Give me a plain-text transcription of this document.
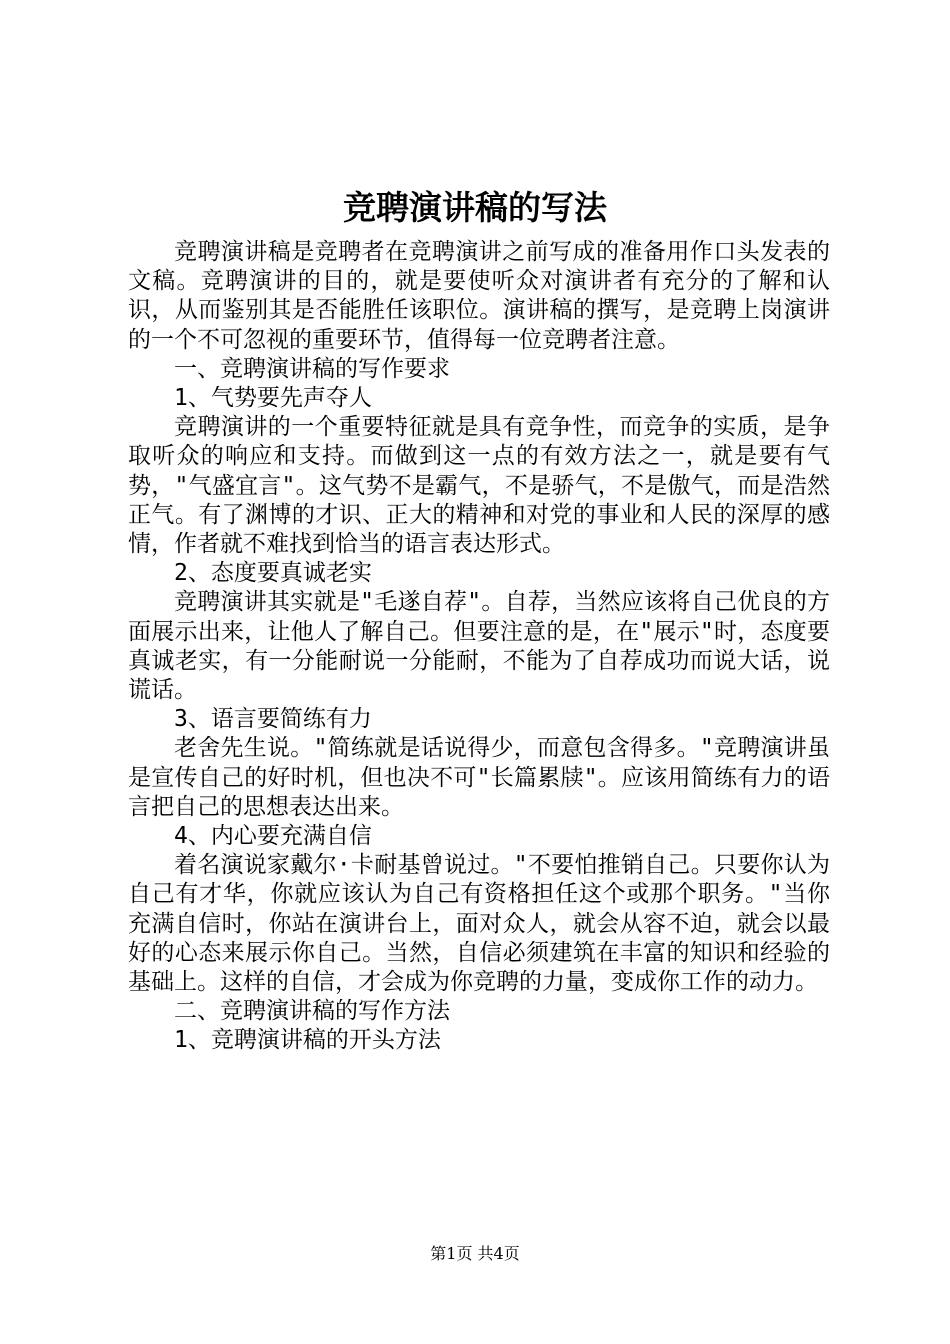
竞聘演讲稿的写法

竞聘演讲稿是竞聘者在竞聘演讲之前写成的准备用作口头发表的文稿。竞聘演讲的目的，就是要使听众对演讲者有充分的了解和认识，从而鉴别其是否能胜任该职位。演讲稿的撰写，是竞聘上岗演讲的一个不可忽视的重要环节，值得每一位竞聘者注意。

一、竞聘演讲稿的写作要求

1、气势要先声夺人

竞聘演讲的一个重要特征就是具有竞争性，而竞争的实质，是争取听众的响应和支持。而做到这一点的有效方法之一，就是要有气势，"气盛宜言"。这气势不是霸气，不是骄气，不是傲气，而是浩然正气。有了渊博的才识、正大的精神和对党的事业和人民的深厚的感情，作者就不难找到恰当的语言表达形式。

2、态度要真诚老实

竞聘演讲其实就是"毛遂自荐"。自荐，当然应该将自己优良的方面展示出来，让他人了解自己。但要注意的是，在"展示"时，态度要真诚老实，有一分能耐说一分能耐，不能为了自荐成功而说大话，说谎话。

3、语言要简练有力

老舍先生说。"简练就是话说得少，而意包含得多。"竞聘演讲虽是宣传自己的好时机，但也决不可"长篇累牍"。应该用简练有力的语言把自己的思想表达出来。

4、内心要充满自信

着名演说家戴尔·卡耐基曾说过。"不要怕推销自己。只要你认为自己有才华，你就应该认为自己有资格担任这个或那个职务。"当你充满自信时，你站在演讲台上，面对众人，就会从容不迫，就会以最好的心态来展示你自己。当然，自信必须建筑在丰富的知识和经验的基础上。这样的自信，才会成为你竞聘的力量，变成你工作的动力。

二、竞聘演讲稿的写作方法

1、竞聘演讲稿的开头方法

第1页 共4页
